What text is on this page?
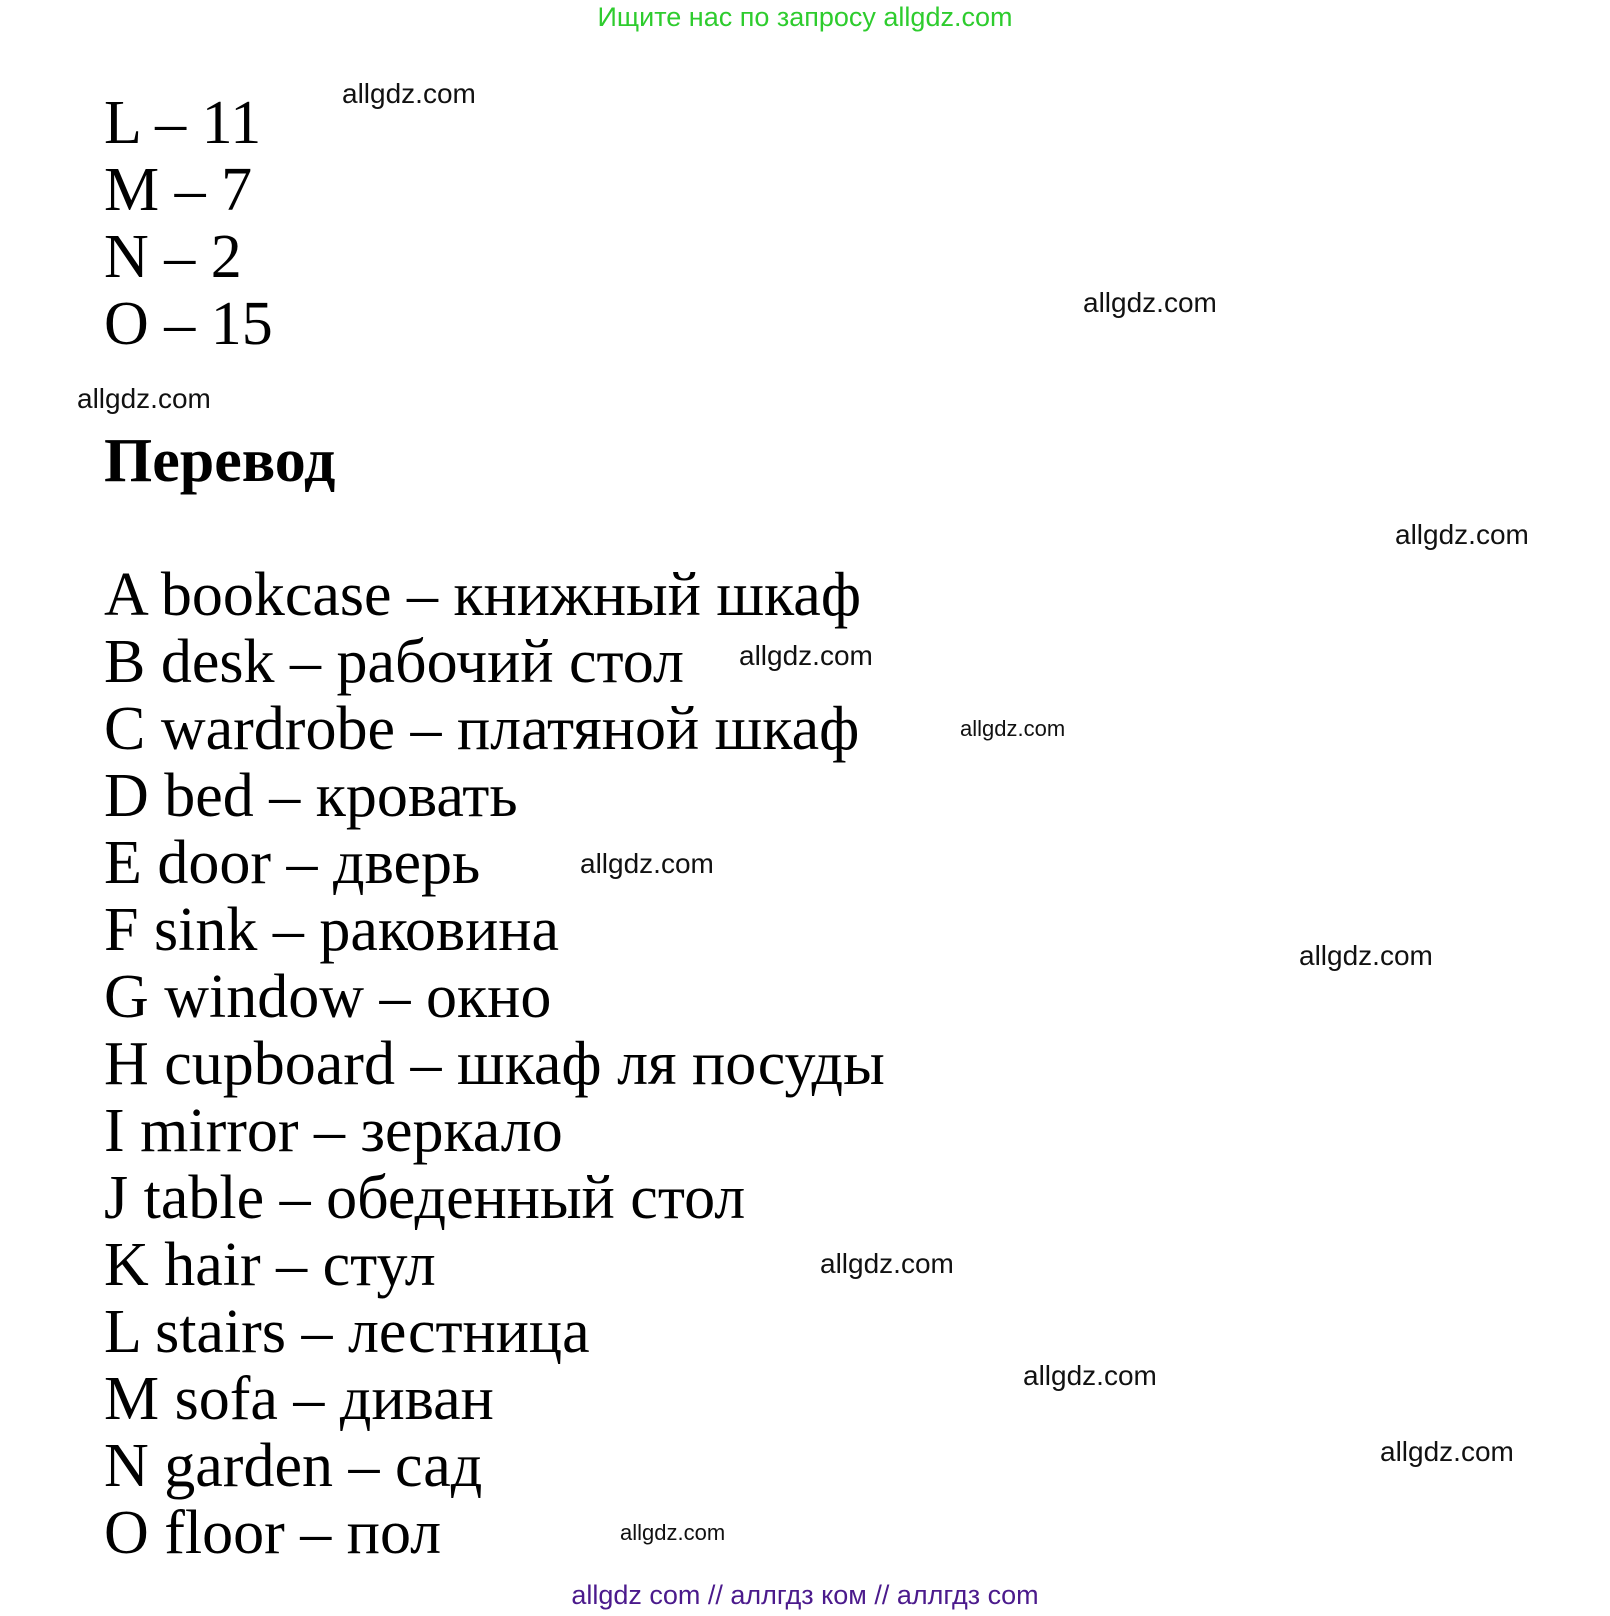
Ищите нас по запросу allgdz.com
L – 11
M – 7
N – 2
O – 15
Перевод
A bookcase – книжный шкаф
B desk – рабочий стол
C wardrobe – платяной шкаф
D bed – кровать
E door – дверь
F sink – раковина
G window – окно
H cupboard – шкаф ля посуды
I mirror – зеркало
J table – обеденный стол
K hair – стул
L stairs – лестница
M sofa – диван
N garden – сад
O floor – пол
allgdz.com
allgdz.com
allgdz.com
allgdz.com
allgdz.com
allgdz.com
allgdz.com
allgdz.com
allgdz.com
allgdz.com
allgdz.com
allgdz.com
allgdz com // аллгдз ком // аллгдз com
